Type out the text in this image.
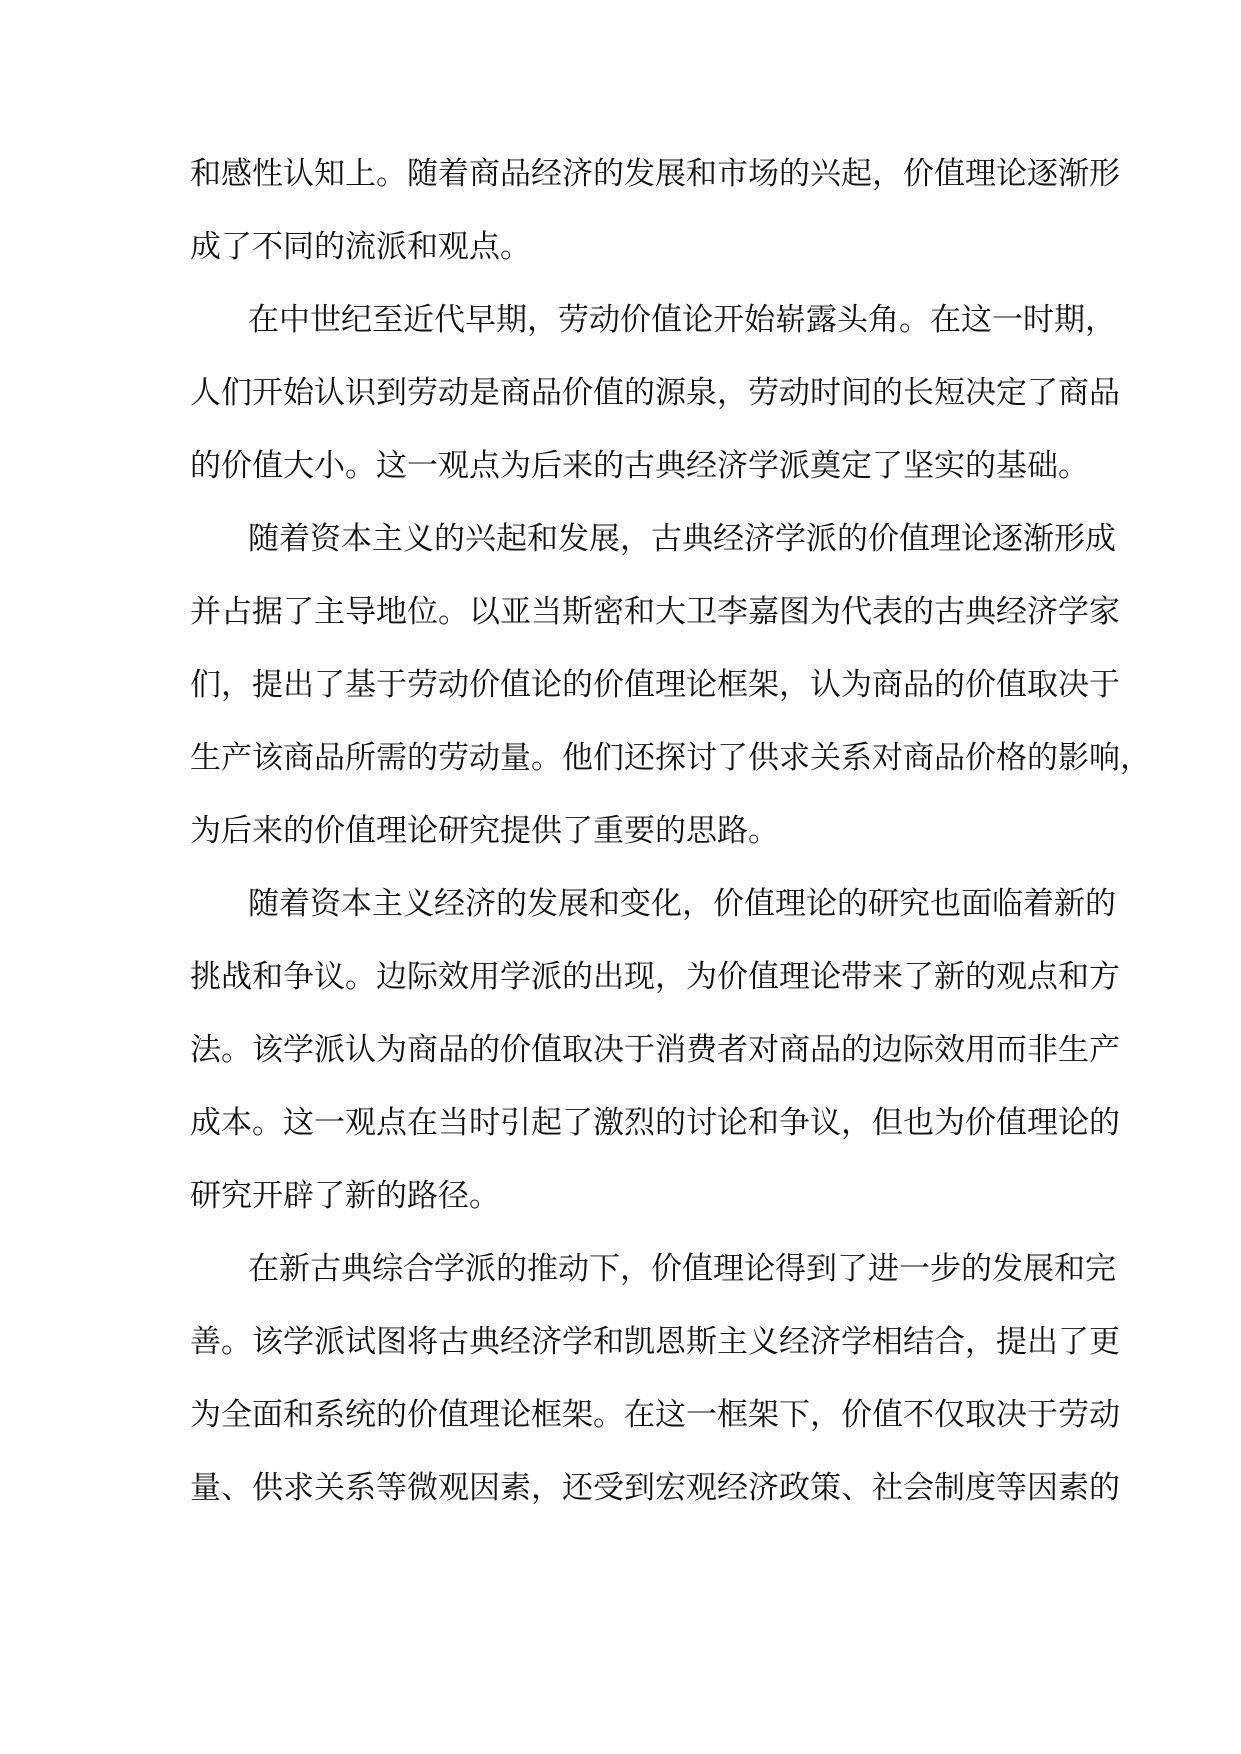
和感性认知上。随着商品经济的发展和市场的兴起，价值理论逐渐形
成了不同的流派和观点。
在中世纪至近代早期，劳动价值论开始崭露头角。在这一时期，
人们开始认识到劳动是商品价值的源泉，劳动时间的长短决定了商品
的价值大小。这一观点为后来的古典经济学派奠定了坚实的基础。
随着资本主义的兴起和发展，古典经济学派的价值理论逐渐形成
并占据了主导地位。以亚当斯密和大卫李嘉图为代表的古典经济学家
们，提出了基于劳动价值论的价值理论框架，认为商品的价值取决于
生产该商品所需的劳动量。他们还探讨了供求关系对商品价格的影响，
为后来的价值理论研究提供了重要的思路。
随着资本主义经济的发展和变化，价值理论的研究也面临着新的
挑战和争议。边际效用学派的出现，为价值理论带来了新的观点和方
法。该学派认为商品的价值取决于消费者对商品的边际效用而非生产
成本。这一观点在当时引起了激烈的讨论和争议，但也为价值理论的
研究开辟了新的路径。
在新古典综合学派的推动下，价值理论得到了进一步的发展和完
善。该学派试图将古典经济学和凯恩斯主义经济学相结合，提出了更
为全面和系统的价值理论框架。在这一框架下，价值不仅取决于劳动
量、供求关系等微观因素，还受到宏观经济政策、社会制度等因素的
